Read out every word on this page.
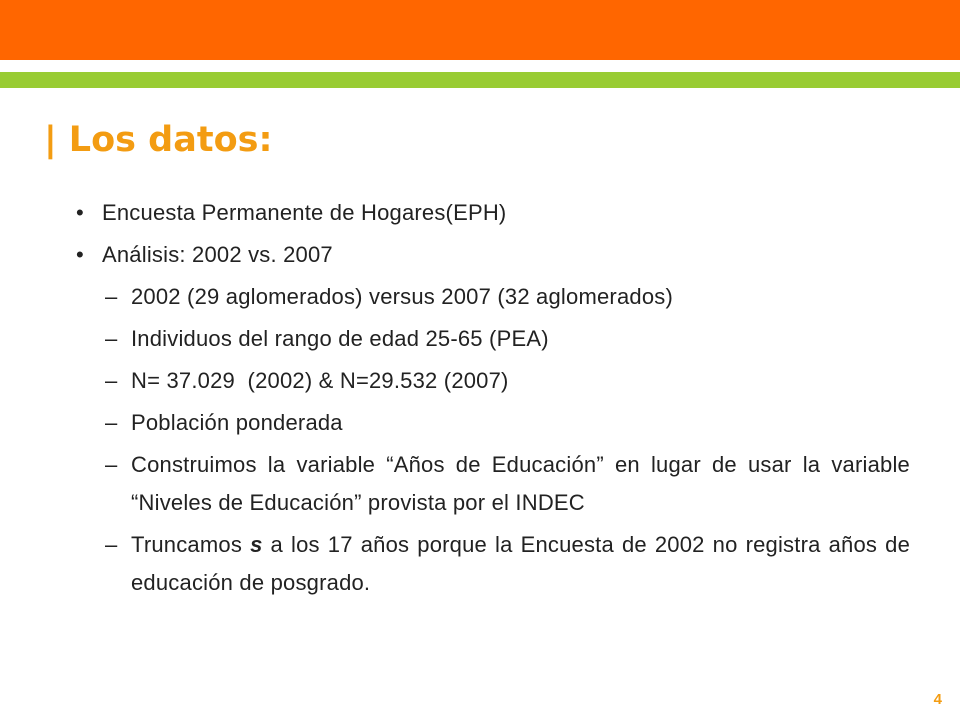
| Los datos:
• Encuesta Permanente de Hogares(EPH)
• Análisis: 2002 vs. 2007
– 2002 (29 aglomerados) versus 2007 (32 aglomerados)
– Individuos del rango de edad 25-65 (PEA)
– N= 37.029  (2002) & N=29.532 (2007)
– Población ponderada
– Construimos la variable “Años de Educación” en lugar de usar la variable “Niveles de Educación” provista por el INDEC
– Truncamos s a los 17 años porque la Encuesta de 2002 no registra años de educación de posgrado.
4
